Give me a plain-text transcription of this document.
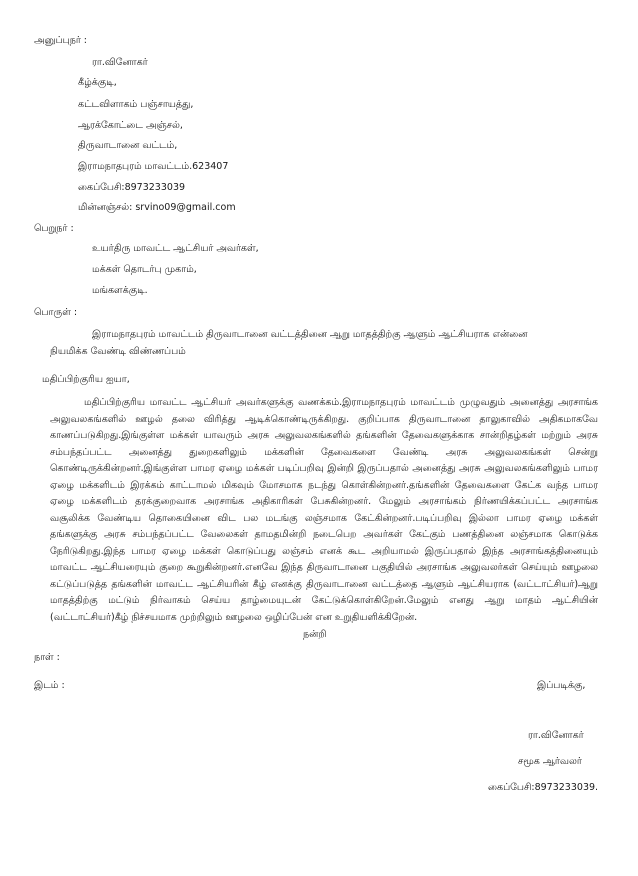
அனுப்புநர் :
ரா.வினோகர்
கீழ்க்குடி,
கட்டவிளாகம் பஞ்சாயத்து,
ஆரக்கோட்டை அஞ்சல்,
திருவாடானை வட்டம்,
இராமநாதபுரம் மாவட்டம்.623407
கைப்பேசி:8973233039
மின்னஞ்சல்: srvino09@gmail.com
பெறுநர் :
உயர்திரு மாவட்ட ஆட்சியர் அவர்கள்,
மக்கள் தொடர்பு முகாம்,
மங்களக்குடி.
பொருள் :
இராமநாதபுரம் மாவட்டம் திருவாடானை வட்டத்தினை ஆறு மாதத்திற்கு ஆளும் ஆட்சியராக என்னை
நியமிக்க வேண்டி விண்ணப்பம்
மதிப்பிற்குரிய ஐயா,
மதிப்பிற்குரிய மாவட்ட ஆட்சியர் அவர்களுக்கு வணக்கம்.இராமநாதபுரம் மாவட்டம் முழுவதும் அனைத்து அரசாங்க அலுவலகங்களில் ஊழல் தலை விரித்து ஆடிக்கொண்டிருக்கிறது. குறிப்பாக திருவாடானை தாலுகாவில் அதிகமாகவே காணப்படுகிறது.இங்குள்ள மக்கள் யாவரும் அரசு அலுவலகங்களில் தங்களின் தேவைகளுக்காக சான்றிதழ்கள் மற்றும் அரசு சம்பந்தப்பட்ட அனைத்து துறைகளிலும் மக்களின் தேவைகளை வேண்டி அரசு அலுவலகங்கள் சென்று கொண்டிருக்கின்றனர்.இங்குள்ள பாமர ஏழை மக்கள் படிப்பறிவு இன்றி இருப்பதால் அனைத்து அரசு அலுவலகங்களிலும் பாமர ஏழை மக்களிடம் இரக்கம் காட்டாமல் மிகவும் மோசமாக நடந்து கொள்கின்றனர்.தங்களின் தேவைகளை கேட்க வந்த பாமர ஏழை மக்களிடம் தரக்குறைவாக அரசாங்க அதிகாரிகள் பேசுகின்றனர். மேலும் அரசாங்கம் நிர்ணயிக்கப்பட்ட அரசாங்க வசூலிக்க வேண்டிய தொகையினை விட பல மடங்கு லஞ்சமாக கேட்கின்றனர்.படிப்பறிவு இல்லா பாமர ஏழை மக்கள் தங்களுக்கு அரசு சம்பந்தப்பட்ட வேலைகள் தாமதமின்றி நடைபெற அவர்கள் கேட்கும் பணத்தினை லஞ்சமாக கொடுக்க நேரிடுகிறது.இந்த பாமர ஏழை மக்கள் கொடுப்பது லஞ்சம் எனக் கூட அறியாமல் இருப்பதால் இந்த அரசாங்கத்தினையும் மாவட்ட ஆட்சியரையும் குறை கூறுகின்றனர்.எனவே இந்த திருவாடானை பகுதியில் அரசாங்க அலுவலர்கள் செய்யும் ஊழலை கட்டுப்படுத்த தங்களின் மாவட்ட ஆட்சியரின் கீழ் எனக்கு திருவாடானை வட்டத்தை ஆளும் ஆட்சியராக (வட்டாட்சியர்)ஆறு மாதத்திற்கு மட்டும் நிர்வாகம் செய்ய தாழ்மையுடன் கேட்டுக்கொள்கிறேன்.மேலும் எனது ஆறு மாதம் ஆட்சியின் (வட்டாட்சியர்)கீழ் நிச்சயமாக முற்றிலும் ஊழலை ஒழிப்பேன் என உறுதியளிக்கிறேன்.
நன்றி
நாள் :
இடம் :	இப்படிக்கு,
ரா.வினோகர்
சமூக ஆர்வலர்
கைப்பேசி:8973233039.
